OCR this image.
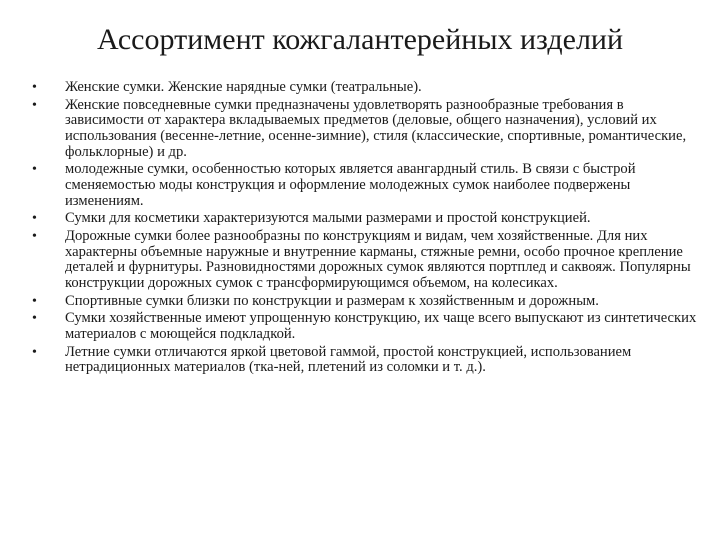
Ассортимент кожгалантерейных изделий
• Женские сумки. Женские нарядные сумки (театральные).
• Женские повседневные сумки предназначены удовлетворять разнообразные требования в зависимости от характера вкладываемых предметов (деловые, общего назначения), условий их использования (весенне-летние, осенне-зимние), стиля (классические, спортивные, романтические, фольклорные) и др.
• молодежные сумки, особенностью которых является авангардный стиль. В связи с быстрой сменяемостью моды конструкция и оформление молодежных сумок наиболее подвержены изменениям.
• Сумки для косметики характеризуются малыми размерами и простой конструкцией.
• Дорожные сумки более разнообразны по конструкциям и видам, чем хозяйственные. Для них характерны объемные наружные и внутренние карманы, стяжные ремни, особо прочное крепление деталей и фурнитуры. Разновидностями дорожных сумок являются портплед и саквояж. Популярны конструкции дорожных сумок с трансформирующимся объемом, на колесиках.
• Спортивные сумки близки по конструкции и размерам к хозяйственным и дорожным.
• Сумки хозяйственные имеют упрощенную конструкцию, их чаще всего выпускают из синтетических материалов с моющейся подкладкой.
• Летние сумки отличаются яркой цветовой гаммой, простой конструкцией, использованием нетрадиционных материалов (тка-ней, плетений из соломки и т. д.).
